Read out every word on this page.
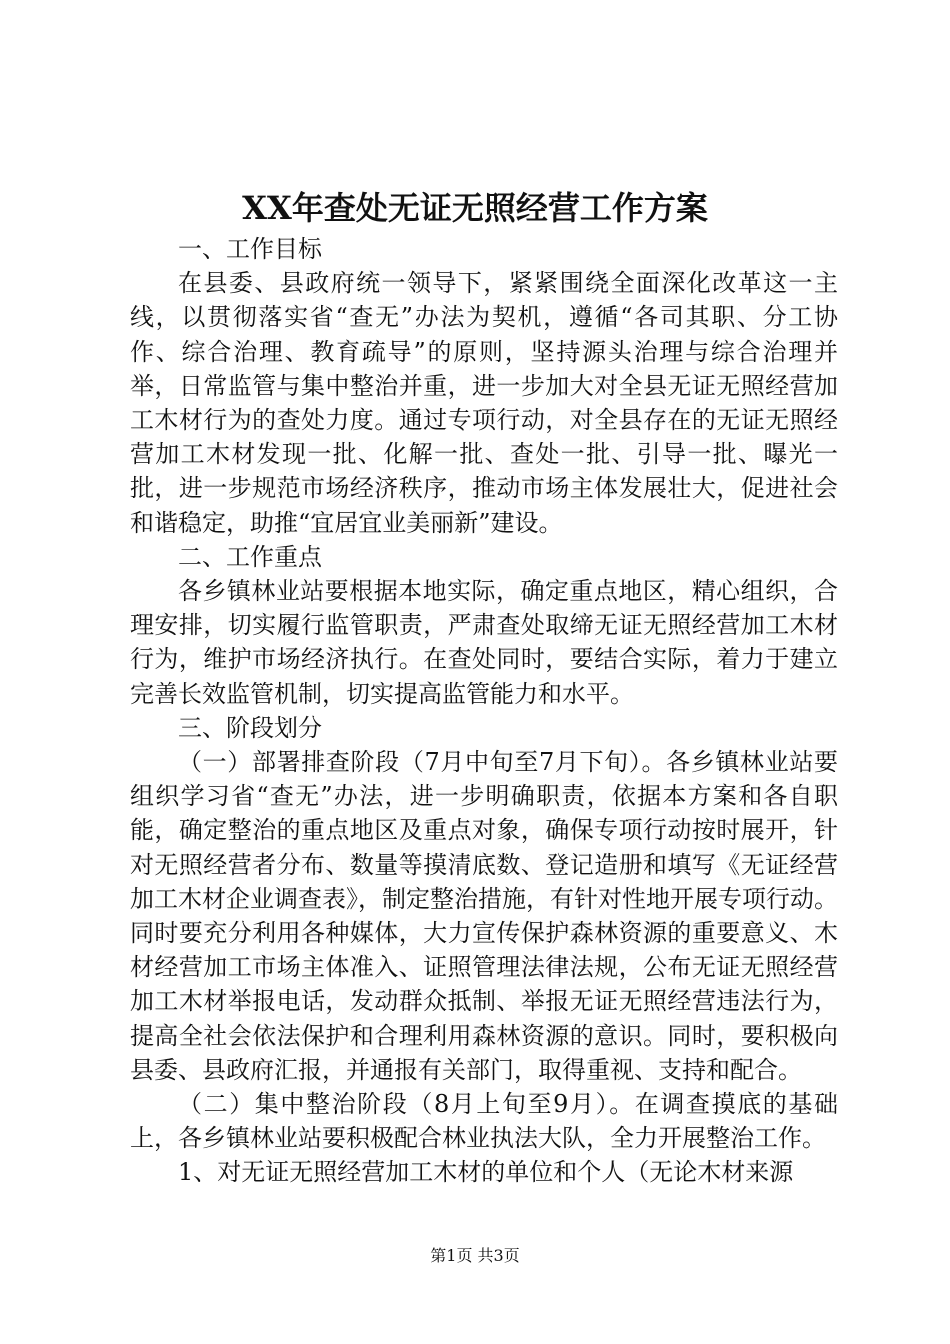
XX年查处无证无照经营工作方案

一、工作目标

在县委、县政府统一领导下，紧紧围绕全面深化改革这一主线，以贯彻落实省“查无”办法为契机，遵循“各司其职、分工协作、综合治理、教育疏导”的原则，坚持源头治理与综合治理并举，日常监管与集中整治并重，进一步加大对全县无证无照经营加工木材行为的查处力度。通过专项行动，对全县存在的无证无照经营加工木材发现一批、化解一批、查处一批、引导一批、曝光一批，进一步规范市场经济秩序，推动市场主体发展壮大，促进社会和谐稳定，助推“宜居宜业美丽新”建设。

二、工作重点

各乡镇林业站要根据本地实际，确定重点地区，精心组织，合理安排，切实履行监管职责，严肃查处取缔无证无照经营加工木材行为，维护市场经济执行。在查处同时，要结合实际，着力于建立完善长效监管机制，切实提高监管能力和水平。

三、阶段划分

（一）部署排查阶段（7月中旬至7月下旬）。各乡镇林业站要组织学习省“查无”办法，进一步明确职责，依据本方案和各自职能，确定整治的重点地区及重点对象，确保专项行动按时展开，针对无照经营者分布、数量等摸清底数、登记造册和填写《无证经营加工木材企业调查表》，制定整治措施，有针对性地开展专项行动。同时要充分利用各种媒体，大力宣传保护森林资源的重要意义、木材经营加工市场主体准入、证照管理法律法规，公布无证无照经营加工木材举报电话，发动群众抵制、举报无证无照经营违法行为，提高全社会依法保护和合理利用森林资源的意识。同时，要积极向县委、县政府汇报，并通报有关部门，取得重视、支持和配合。

（二）集中整治阶段（8月上旬至9月）。在调查摸底的基础上，各乡镇林业站要积极配合林业执法大队，全力开展整治工作。

1、对无证无照经营加工木材的单位和个人（无论木材来源

第1页 共3页
